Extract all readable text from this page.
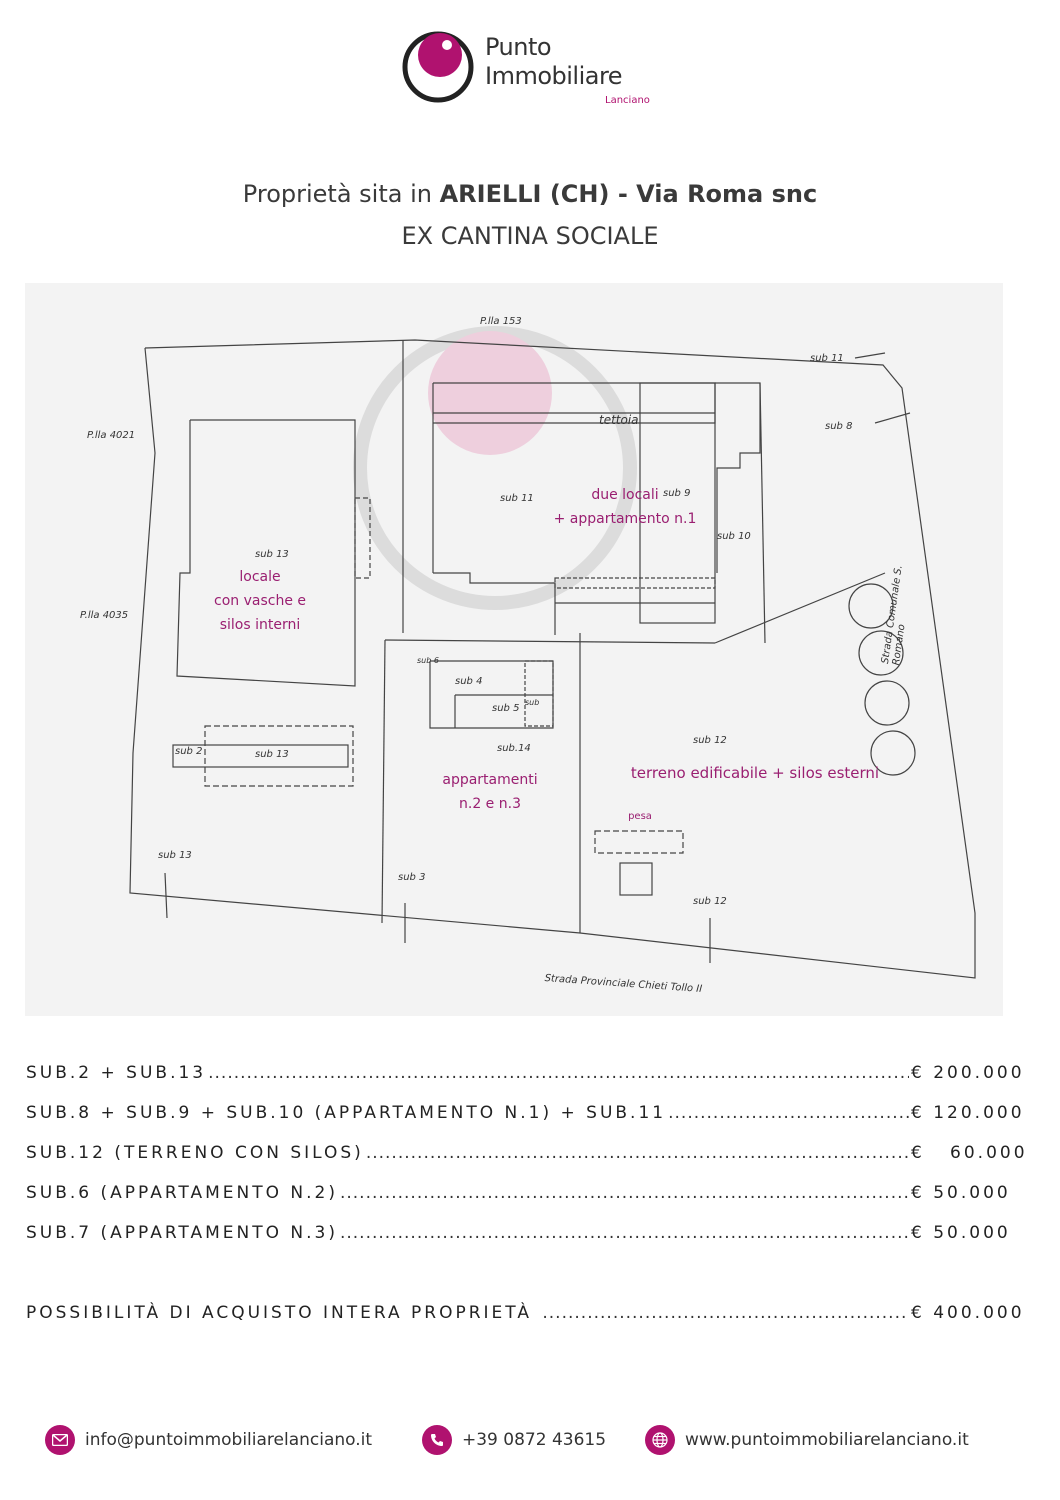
Punto
Immobiliare
Lanciano
Proprietà sita in ARIELLI (CH) - Via Roma snc
EX CANTINA SOCIALE
P.lla 153
P.lla 4021
P.lla 4035
sub 11
sub 8
tettoia
sub 11	sub 9
sub 10
sub 13
sub 6
sub 4
sub 5
sub
sub 2	sub 13
sub.14
sub 12
sub 13
sub 3
sub 12
Strada Provinciale Chieti Tollo II
Strada Comunale S. Romano
due locali
+ appartamento n.1
locale
con vasche e
silos interni
appartamenti
n.2 e n.3
terreno edificabile + silos esterni
pesa
SUB.2 + SUB.13 .....	€ 200.000
SUB.8 + SUB.9 + SUB.10 (APPARTAMENTO N.1) + SUB.11 .....	€ 120.000
SUB.12 (TERRENO CON SILOS) .....	€   60.000
SUB.6 (APPARTAMENTO N.2) .....	€ 50.000
SUB.7 (APPARTAMENTO N.3) .....	€ 50.000
POSSIBILITÀ DI ACQUISTO INTERA PROPRIETÀ .....	€ 400.000
info@puntoimmobiliarelanciano.it	+39 0872 43615	www.puntoimmobiliarelanciano.it
